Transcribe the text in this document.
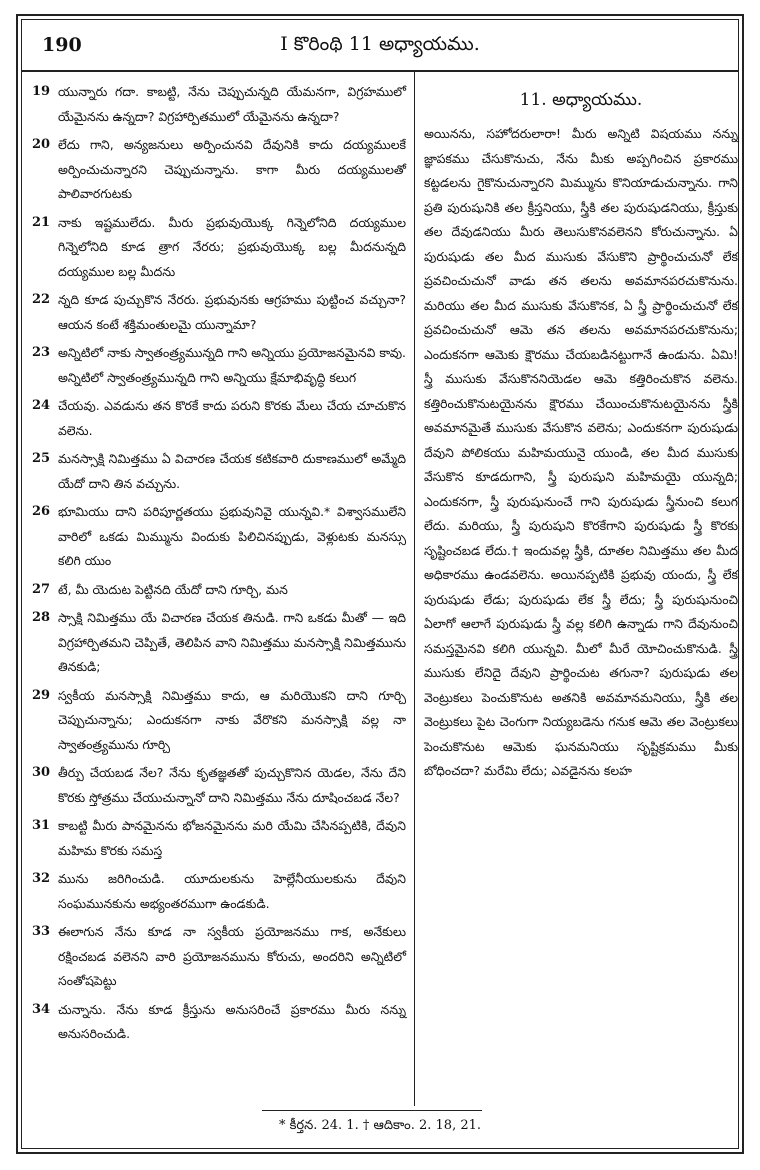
190	I కొరింథి 11 అధ్యాయము.
19 యున్నారు గదా. కాబట్టి, నేను చెప్పుచున్నది యేమనగా, విగ్రహములో యేమైనను ఉన్నదా? విగ్రహార్పితములో యేమైనను ఉన్నదా?
20 లేదు గాని, అన్యజనులు అర్పించునవి దేవునికి కాదు దయ్యములకే అర్పించుచున్నారని చెప్పుచున్నాను. కాగా మీరు దయ్యములతో పాలివారగుటకు
21 నాకు ఇష్టములేదు. మీరు ప్రభువుయొక్క గిన్నెలోనిది దయ్యముల గిన్నెలోనిది కూడ త్రాగ నేరరు; ప్రభువుయొక్క బల్ల మీదనున్నది దయ్యముల బల్ల మీదను
22 న్నది కూడ పుచ్చుకొన నేరరు. ప్రభువునకు ఆగ్రహము పుట్టించ వచ్చునా? ఆయన కంటే శక్తిమంతులమై యున్నామా?
23 అన్నిటిలో నాకు స్వాతంత్ర్యమున్నది గాని అన్నియు ప్రయోజనమైనవి కావు. అన్నిటిలో స్వాతంత్ర్యమున్నది గాని అన్నియు క్షేమాభివృద్ధి కలుగ
24 చేయవు. ఎవడును తన కొరకే కాదు పరుని కొరకు మేలు చేయ చూచుకొన వలెను.
25 మనస్సాక్షి నిమిత్తము ఏ విచారణ చేయక కటికవారి దుకాణములో అమ్మేది యేదో దాని తిన వచ్చును.
26 భూమియు దాని పరిపూర్ణతయు ప్రభువునివై యున్నవి.* విశ్వాసములేని వారిలో ఒకడు మిమ్మును విందుకు పిలిచినప్పుడు, వెళ్లుటకు మనస్సు కలిగి యుం
27 టే, మీ యెదుట పెట్టినది యేదో దాని గూర్చి, మన
28 స్సాక్షి నిమిత్తము యే విచారణ చేయక తినుడి. గాని ఒకడు మీతో — ఇది విగ్రహార్పితమని చెప్పితే, తెలిపిన వాని నిమిత్తము మనస్సాక్షి నిమిత్తమును తినకుడి;
29 స్వకీయ మనస్సాక్షి నిమిత్తము కాదు, ఆ మరియొకని దాని గూర్చి చెప్పుచున్నాను; ఎందుకనగా నాకు వేరొకని మనస్సాక్షి వల్ల నా స్వాతంత్ర్యమును గూర్చి
30 తీర్పు చేయబడ నేల? నేను కృతజ్ఞతతో పుచ్చుకొనిన యెడల, నేను దేని కొరకు స్తోత్రము చేయుచున్నానో దాని నిమిత్తము నేను దూషించబడ నేల?
31 కాబట్టి మీరు పానమైనను భోజనమైనను మరి యేమి చేసినప్పటికి, దేవుని మహిమ కొరకు సమస్త
32 మును జరిగించుడి. యూదులకును హెల్లేనీయులకును దేవుని సంఘమునకును అభ్యంతరముగా ఉండకుడి.
33 ఈలాగున నేను కూడ నా స్వకీయ ప్రయోజనము గాక, అనేకులు రక్షించబడ వలెనని వారి ప్రయోజనమును కోరుచు, అందరిని అన్నిటిలో సంతోషపెట్టు
34 చున్నాను. నేను కూడ క్రీస్తును అనుసరించే ప్రకారము మీరు నన్ను అనుసరించుడి.
11. అధ్యాయము.
అయినను, సహోదరులారా! మీరు అన్నిటి విషయము నన్ను జ్ఞాపకము చేసుకొనుచు, నేను మీకు అప్పగించిన ప్రకారము కట్టడలను గైకొనుచున్నారని మిమ్మును కొనియాడుచున్నాను. గాని ప్రతి పురుషునికి తల క్రీస్తనియు, స్త్రీకి తల పురుషుడనియు, క్రీస్తుకు తల దేవుడనియు మీరు తెలుసుకొనవలెనని కోరుచున్నాను. ఏ పురుషుడు తల మీద ముసుకు వేసుకొని ప్రార్థించుచునో లేక ప్రవచించుచునో వాడు తన తలను అవమానపరచుకొనును. మరియు తల మీద ముసుకు వేసుకొనక, ఏ స్త్రీ ప్రార్థించుచునో లేక ప్రవచించుచునో ఆమె తన తలను అవమానపరచుకొనును; ఎందుకనగా ఆమెకు క్షౌరము చేయబడినట్టుగానే ఉండును. ఏమి! స్త్రీ ముసుకు వేసుకొననియెడల ఆమె కత్తిరించుకొన వలెను. కత్తిరించుకొనుటయైనను క్షౌరము చేయించుకొనుటయైనను స్త్రీకి అవమానమైతే ముసుకు వేసుకొన వలెను; ఎందుకనగా పురుషుడు దేవుని పోలికయు మహిమయునై యుండి, తల మీద ముసుకు వేసుకొన కూడదుగాని, స్త్రీ పురుషుని మహిమయై యున్నది; ఎందుకనగా, స్త్రీ పురుషునుంచే గాని పురుషుడు స్త్రీనుంచి కలుగ లేదు. మరియు, స్త్రీ పురుషుని కొరకేగాని పురుషుడు స్త్రీ కొరకు సృష్టించబడ లేదు.† ఇందువల్ల స్త్రీకి, దూతల నిమిత్తము తల మీద అధికారము ఉండవలెను. అయినప్పటికి ప్రభువు యందు, స్త్రీ లేక పురుషుడు లేడు; పురుషుడు లేక స్త్రీ లేదు; స్త్రీ పురుషునుంచి ఏలాగో ఆలాగే పురుషుడు స్త్రీ వల్ల కలిగి ఉన్నాడు గాని దేవునుంచి సమస్తమైనవి కలిగి యున్నవి. మీలో మీరే యోచించుకొనుడి. స్త్రీ ముసుకు లేనిదై దేవుని ప్రార్థించుట తగునా? పురుషుడు తల వెంట్రుకలు పెంచుకొనుట అతనికి అవమానమనియు, స్త్రీకి తల వెంట్రుకలు పైట చెంగుగా నియ్యబడెను గనుక ఆమె తల వెంట్రుకలు పెంచుకొనుట ఆమెకు ఘనమనియు సృష్టిక్రమము మీకు బోధించదా? మరేమి లేదు; ఎవడైనను కలహ
* కీర్తన. 24. 1. † ఆదికాం. 2. 18, 21.
